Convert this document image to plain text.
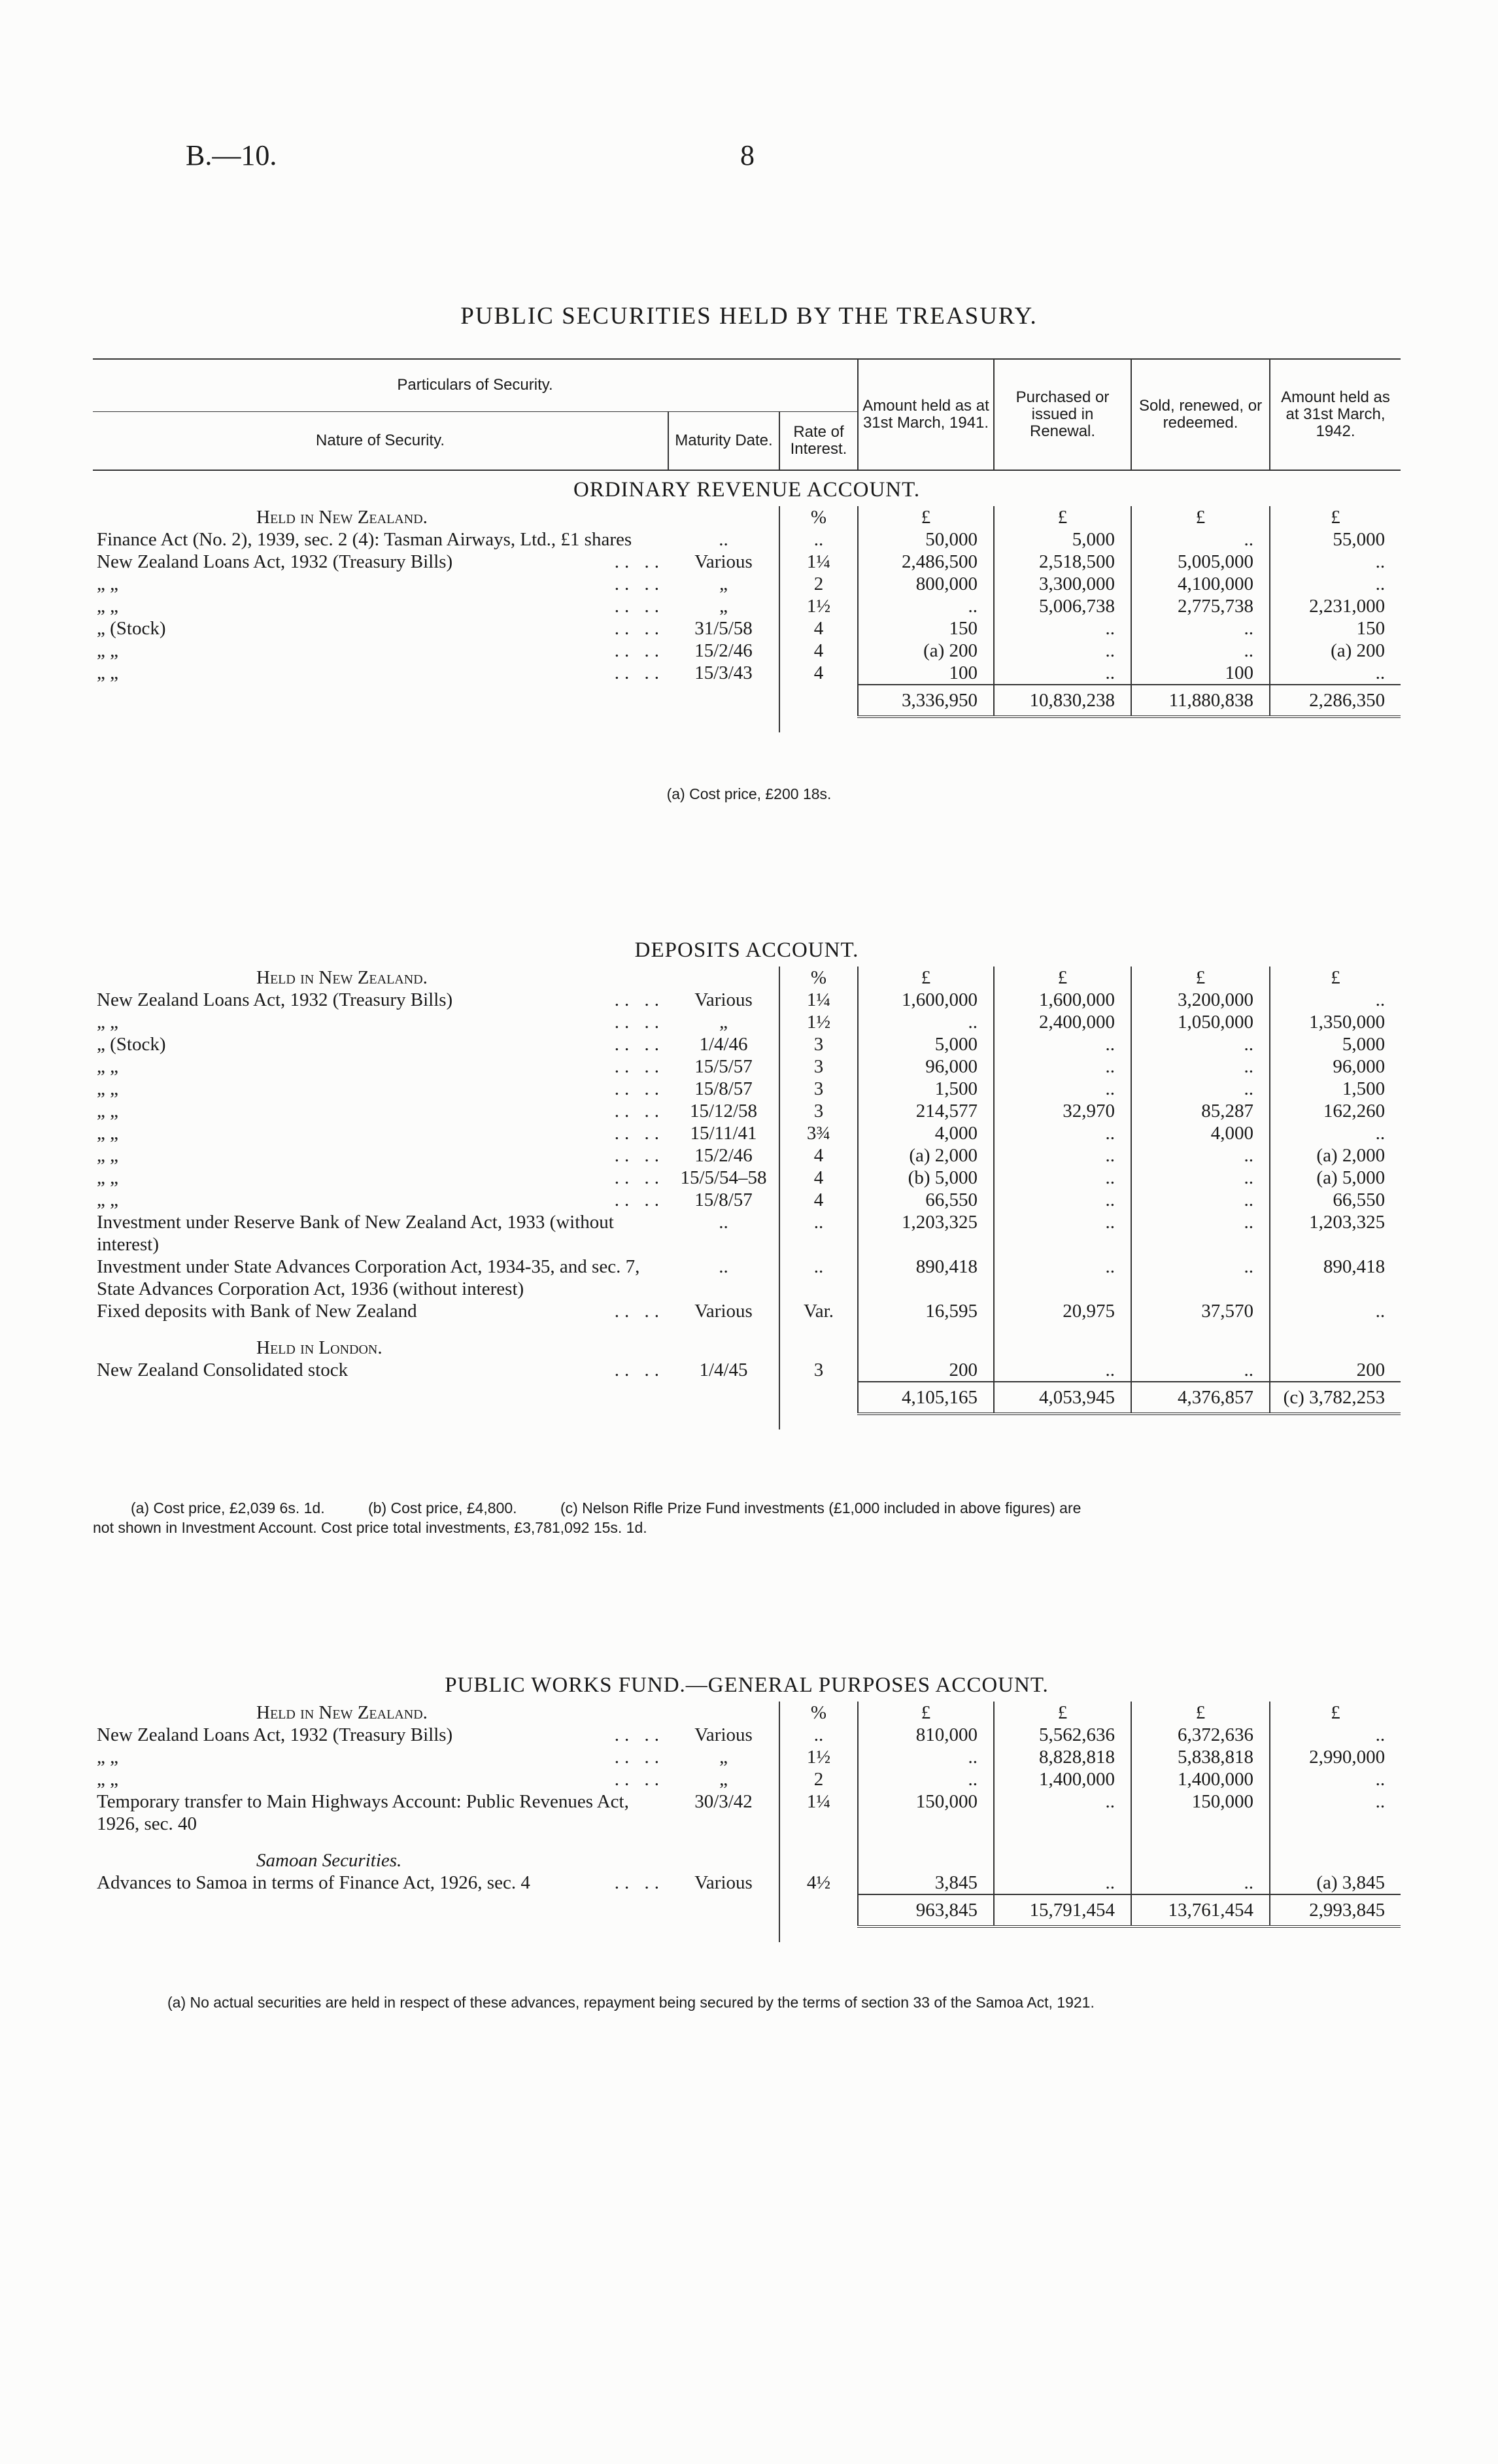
B.—10.	8
PUBLIC SECURITIES HELD BY THE TREASURY.
Particulars of Security.			Amount held as at 31st March, 1941.	Purchased or issued in Renewal.	Sold, renewed, or redeemed.	Amount held as at 31st March, 1942.
Nature of Security.	Maturity Date.	Rate of Interest.				
ORDINARY REVENUE ACCOUNT.						
Held in New Zealand.		%	£	£	£	£
Finance Act (No. 2), 1939, sec. 2 (4): Tasman Airways, Ltd., £1 shares	..	..	50,000	5,000	..	55,000
New Zealand Loans Act, 1932 (Treasury Bills) .. ..	Various	1¼	2,486,500	2,518,500	5,005,000	..
„ „ .. ..	„	2	800,000	3,300,000	4,100,000	..
„ „ .. ..	„	1½	..	5,006,738	2,775,738	2,231,000
„ (Stock) .. ..	31/5/58	4	150	..	..	150
„ „ .. ..	15/2/46	4	(a) 200	..	..	(a) 200
„ „ .. ..	15/3/43	4	100	..	100	..
			3,336,950	10,830,238	11,880,838	2,286,350

(a) Cost price, £200 18s.
DEPOSITS ACCOUNT.						
Held in New Zealand.		%	£	£	£	£
New Zealand Loans Act, 1932 (Treasury Bills) .. ..	Various	1¼	1,600,000	1,600,000	3,200,000	..
„ „ .. ..	„	1½	..	2,400,000	1,050,000	1,350,000
„ (Stock) .. ..	1/4/46	3	5,000	..	..	5,000
„ „ .. ..	15/5/57	3	96,000	..	..	96,000
„ „ .. ..	15/8/57	3	1,500	..	..	1,500
„ „ .. ..	15/12/58	3	214,577	32,970	85,287	162,260
„ „ .. ..	15/11/41	3¾	4,000	..	4,000	..
„ „ .. ..	15/2/46	4	(a) 2,000	..	..	(a) 2,000
„ „ .. ..	15/5/54–58	4	(b) 5,000	..	..	(a) 5,000
„ „ .. ..	15/8/57	4	66,550	..	..	66,550
Investment under Reserve Bank of New Zealand Act, 1933 (without interest)	..	..	1,203,325	..	..	1,203,325
Investment under State Advances Corporation Act, 1934-35, and sec. 7, State Advances Corporation Act, 1936 (without interest)	..	..	890,418	..	..	890,418
Fixed deposits with Bank of New Zealand .. ..	Various	Var.	16,595	20,975	37,570	..
Held in London.						
New Zealand Consolidated stock .. ..	1/4/45	3	200	..	..	200
			4,105,165	4,053,945	4,376,857	(c) 3,782,253

(a) Cost price, £2,039 6s. 1d.	(b) Cost price, £4,800.	(c) Nelson Rifle Prize Fund investments (£1,000 included in above figures) are
not shown in Investment Account. Cost price total investments, £3,781,092 15s. 1d.
PUBLIC WORKS FUND.—GENERAL PURPOSES ACCOUNT.						
Held in New Zealand.		%	£	£	£	£
New Zealand Loans Act, 1932 (Treasury Bills) .. ..	Various	..	810,000	5,562,636	6,372,636	..
„ „ .. ..	„	1½	..	8,828,818	5,838,818	2,990,000
„ „ .. ..	„	2	..	1,400,000	1,400,000	..
Temporary transfer to Main Highways Account: Public Revenues Act, 1926, sec. 40	30/3/42	1¼	150,000	..	150,000	..
Samoan Securities.						
Advances to Samoa in terms of Finance Act, 1926, sec. 4 .. ..	Various	4½	3,845	..	..	(a) 3,845
			963,845	15,791,454	13,761,454	2,993,845

(a) No actual securities are held in respect of these advances, repayment being secured by the terms of section 33 of the Samoa Act, 1921.
